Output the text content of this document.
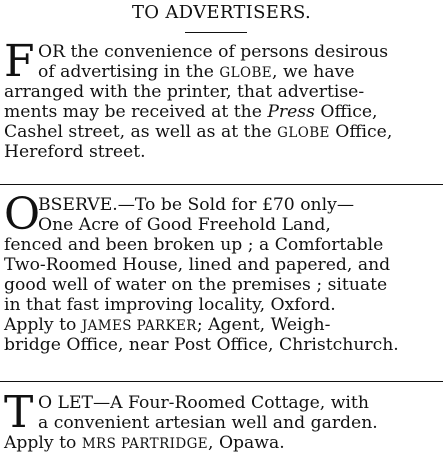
TO ADVERTISERS.
F OR the convenience of persons desirous
of advertising in the GLOBE, we have
arranged with the printer, that advertise-
ments may be received at the Press Office,
Cashel street, as well as at the GLOBE Office,
Hereford street.
O
BSERVE.—To be Sold for £70 only—
One Acre of Good Freehold Land,
fenced and been broken up ; a Comfortable
Two-Roomed House, lined and papered, and
good well of water on the premises ; situate
in that fast improving locality, Oxford.
Apply to JAMES PARKER; Agent, Weigh-
bridge Office, near Post Office, Christchurch.
T O LET—A Four-Roomed Cottage, with
a convenient artesian well and garden.
Apply to MRS PARTRIDGE, Opawa.
